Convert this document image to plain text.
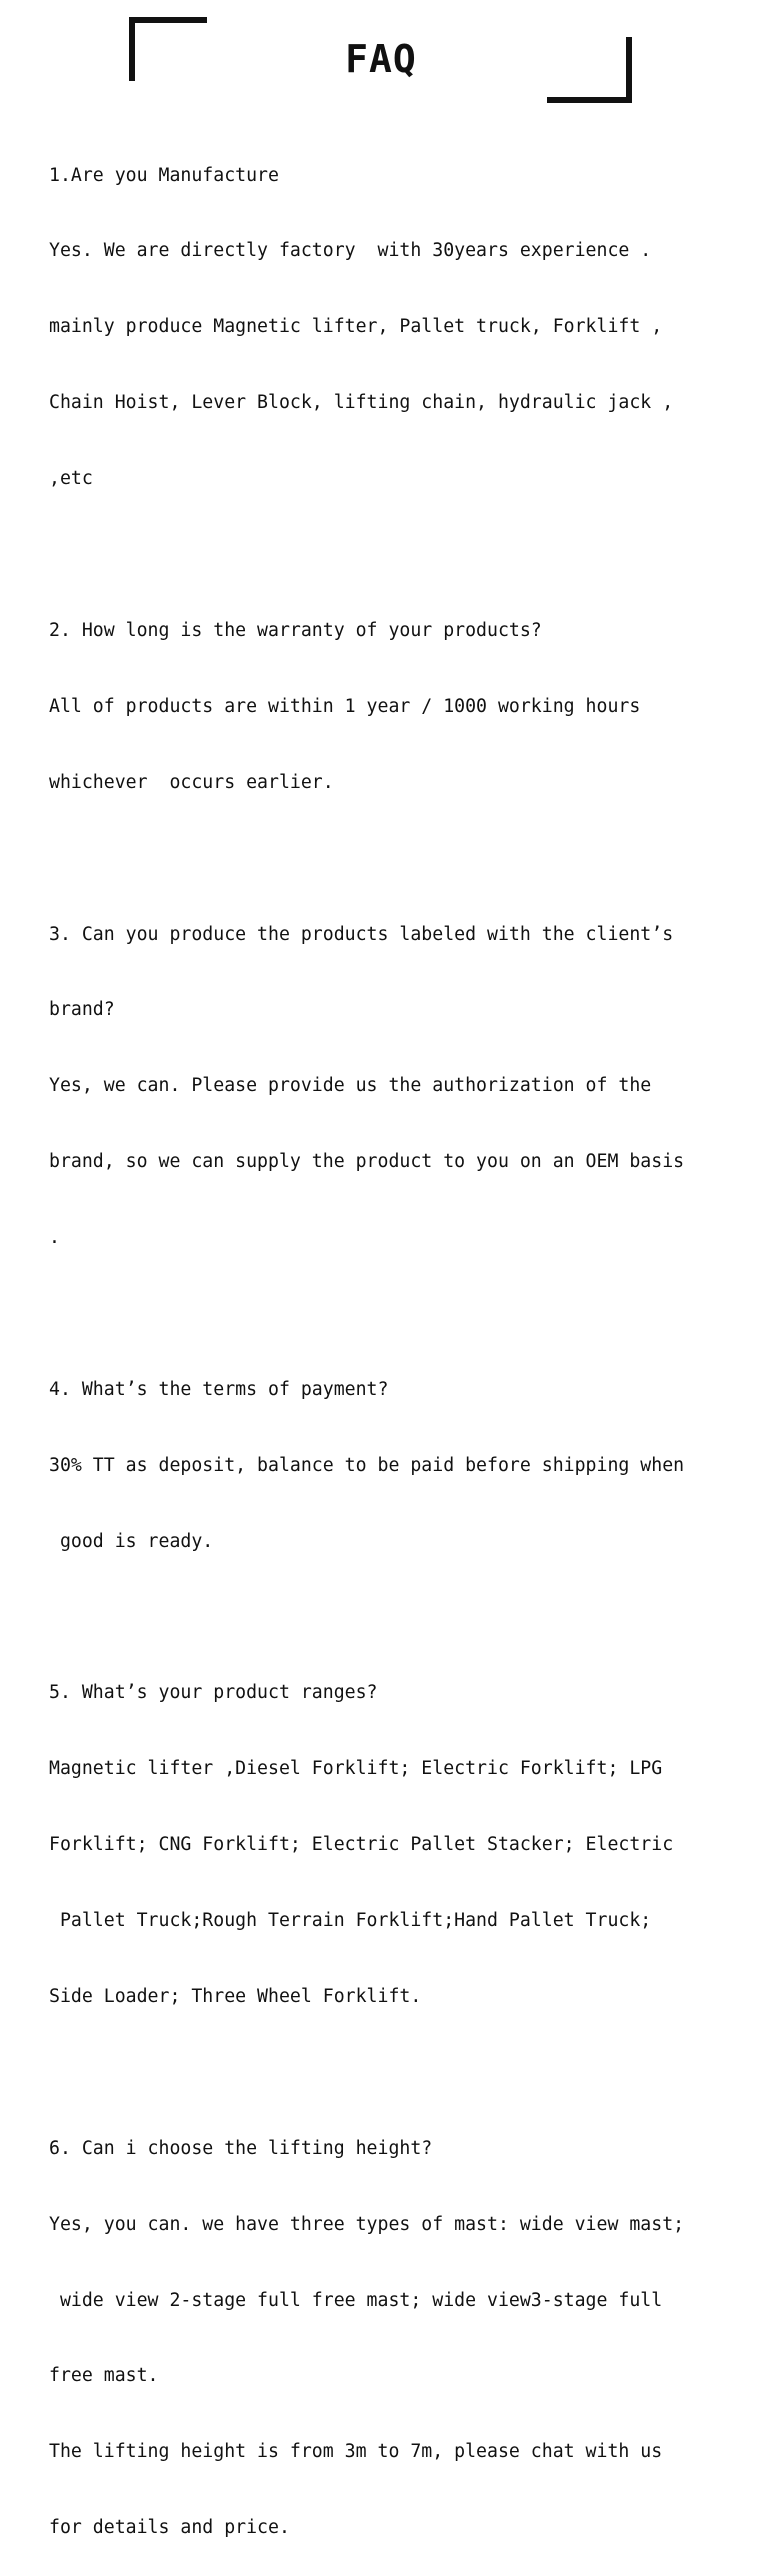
FAQ

1.Are you Manufacture

Yes. We are directly factory  with 30years experience .

mainly produce Magnetic lifter, Pallet truck, Forklift ,

Chain Hoist, Lever Block, lifting chain, hydraulic jack ,

,etc

2. How long is the warranty of your products?

All of products are within 1 year / 1000 working hours

whichever  occurs earlier.

3. Can you produce the products labeled with the client’s

brand?

Yes, we can. Please provide us the authorization of the

brand, so we can supply the product to you on an OEM basis

.

4. What’s the terms of payment?

30% TT as deposit, balance to be paid before shipping when

good is ready.

5. What’s your product ranges?

Magnetic lifter ,Diesel Forklift; Electric Forklift; LPG

Forklift; CNG Forklift; Electric Pallet Stacker; Electric

Pallet Truck;Rough Terrain Forklift;Hand Pallet Truck;

Side Loader; Three Wheel Forklift.

6. Can i choose the lifting height?

Yes, you can. we have three types of mast: wide view mast;

wide view 2-stage full free mast; wide view3-stage full

free mast.

The lifting height is from 3m to 7m, please chat with us

for details and price.
